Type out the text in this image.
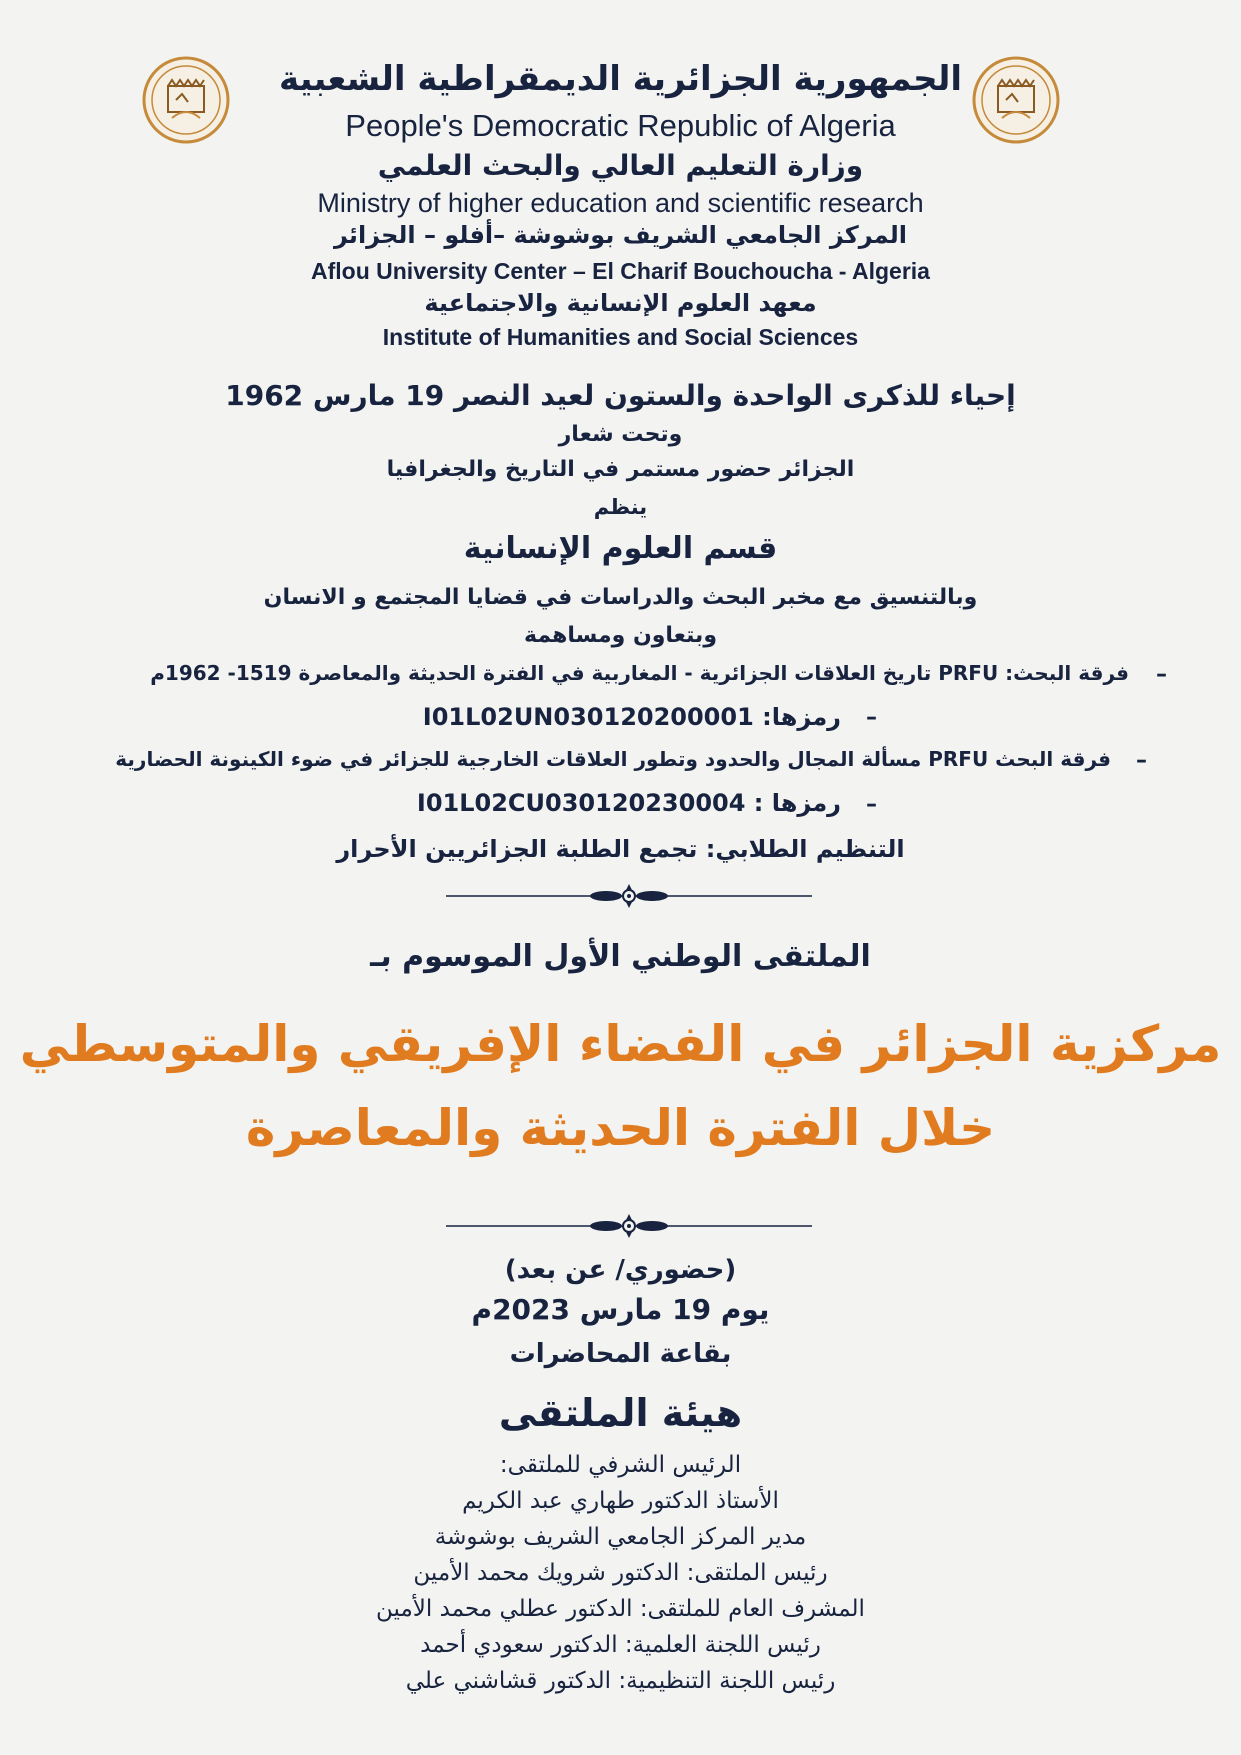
الجمهورية الجزائرية الديمقراطية الشعبية
People's Democratic Republic of Algeria
وزارة التعليم العالي والبحث العلمي
Ministry of higher education and scientific research
المركز الجامعي الشريف بوشوشة –أفلو – الجزائر
Aflou University Center – El Charif Bouchoucha - Algeria
معهد العلوم الإنسانية والاجتماعية
Institute of Humanities and Social Sciences
إحياء للذكرى الواحدة والستون لعيد النصر 19 مارس 1962
وتحت شعار
الجزائر حضور مستمر في التاريخ والجغرافيا
ينظم
قسم العلوم الإنسانية
وبالتنسيق مع مخبر البحث والدراسات في قضايا المجتمع و الانسان
وبتعاون ومساهمة
–
فرقة البحث: PRFU تاريخ العلاقات الجزائرية - المغاربية في الفترة الحديثة والمعاصرة 1519- 1962م
–
رمزها: I01L02UN030120200001
–
فرقة البحث PRFU مسألة المجال والحدود وتطور العلاقات الخارجية للجزائر في ضوء الكينونة الحضارية
–
رمزها : I01L02CU030120230004
التنظيم الطلابي: تجمع الطلبة الجزائريين الأحرار
الملتقى الوطني الأول الموسوم بـ
مركزية الجزائر في الفضاء الإفريقي والمتوسطي
خلال الفترة الحديثة والمعاصرة
(حضوري/ عن بعد)
يوم 19 مارس 2023م
بقاعة المحاضرات
هيئة الملتقى
الرئيس الشرفي للملتقى:
الأستاذ الدكتور طهاري عبد الكريم
مدير المركز الجامعي الشريف بوشوشة
رئيس الملتقى: الدكتور شرويك محمد الأمين
المشرف العام للملتقى: الدكتور عطلي محمد الأمين
رئيس اللجنة العلمية: الدكتور سعودي أحمد
رئيس اللجنة التنظيمية: الدكتور قشاشني علي
